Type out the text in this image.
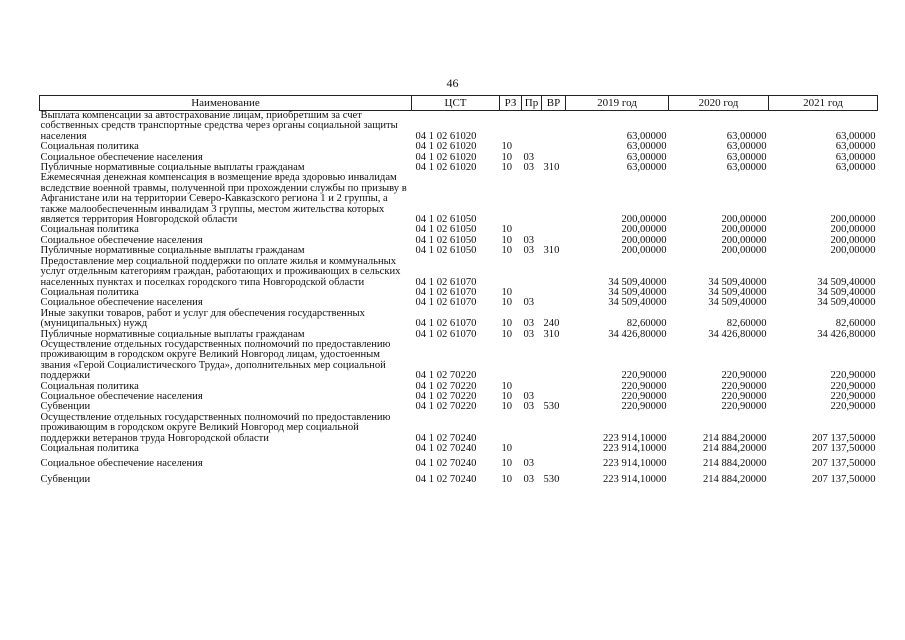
46
Наименование	ЦСТ	РЗ	Пр	ВР	2019 год	2020 год	2021 год
Выплата компенсации за автострахование лицам, приобретшим за счет собственных средств транспортные средства через органы социальной защиты населения	04 1 02 61020				63,00000	63,00000	63,00000
Социальная политика	04 1 02 61020	10			63,00000	63,00000	63,00000
Социальное обеспечение населения	04 1 02 61020	10	03		63,00000	63,00000	63,00000
Публичные нормативные социальные выплаты гражданам	04 1 02 61020	10	03	310	63,00000	63,00000	63,00000
Ежемесячная денежная компенсация в возмещение вреда здоровью инвалидам вследствие военной травмы, полученной при прохождении службы по призыву в Афганистане или на территории Северо-Кавказского региона 1 и 2 группы, а также малообеспеченным инвалидам 3 группы, местом жительства которых является территория Новгородской области	04 1 02 61050				200,00000	200,00000	200,00000
Социальная политика	04 1 02 61050	10			200,00000	200,00000	200,00000
Социальное обеспечение населения	04 1 02 61050	10	03		200,00000	200,00000	200,00000
Публичные нормативные социальные выплаты гражданам	04 1 02 61050	10	03	310	200,00000	200,00000	200,00000
Предоставление мер социальной поддержки по оплате жилья и коммунальных услуг отдельным категориям граждан, работающих и проживающих в сельских населенных пунктах и поселках городского типа Новгородской области	04 1 02 61070				34 509,40000	34 509,40000	34 509,40000
Социальная политика	04 1 02 61070	10			34 509,40000	34 509,40000	34 509,40000
Социальное обеспечение населения	04 1 02 61070	10	03		34 509,40000	34 509,40000	34 509,40000
Иные закупки товаров, работ и услуг для обеспечения государственных (муниципальных) нужд	04 1 02 61070	10	03	240	82,60000	82,60000	82,60000
Публичные нормативные социальные выплаты гражданам	04 1 02 61070	10	03	310	34 426,80000	34 426,80000	34 426,80000
Осуществление отдельных государственных полномочий по предоставлению проживающим в городском округе Великий Новгород лицам, удостоенным звания «Герой Социалистического Труда», дополнительных мер социальной поддержки	04 1 02 70220				220,90000	220,90000	220,90000
Социальная политика	04 1 02 70220	10			220,90000	220,90000	220,90000
Социальное обеспечение населения	04 1 02 70220	10	03		220,90000	220,90000	220,90000
Субвенции	04 1 02 70220	10	03	530	220,90000	220,90000	220,90000
Осуществление отдельных государственных полномочий по предоставлению проживающим в городском округе Великий Новгород мер социальной поддержки ветеранов труда Новгородской области	04 1 02 70240				223 914,10000	214 884,20000	207 137,50000
Социальная политика	04 1 02 70240	10			223 914,10000	214 884,20000	207 137,50000
Социальное обеспечение населения	04 1 02 70240	10	03		223 914,10000	214 884,20000	207 137,50000
Субвенции	04 1 02 70240	10	03	530	223 914,10000	214 884,20000	207 137,50000
